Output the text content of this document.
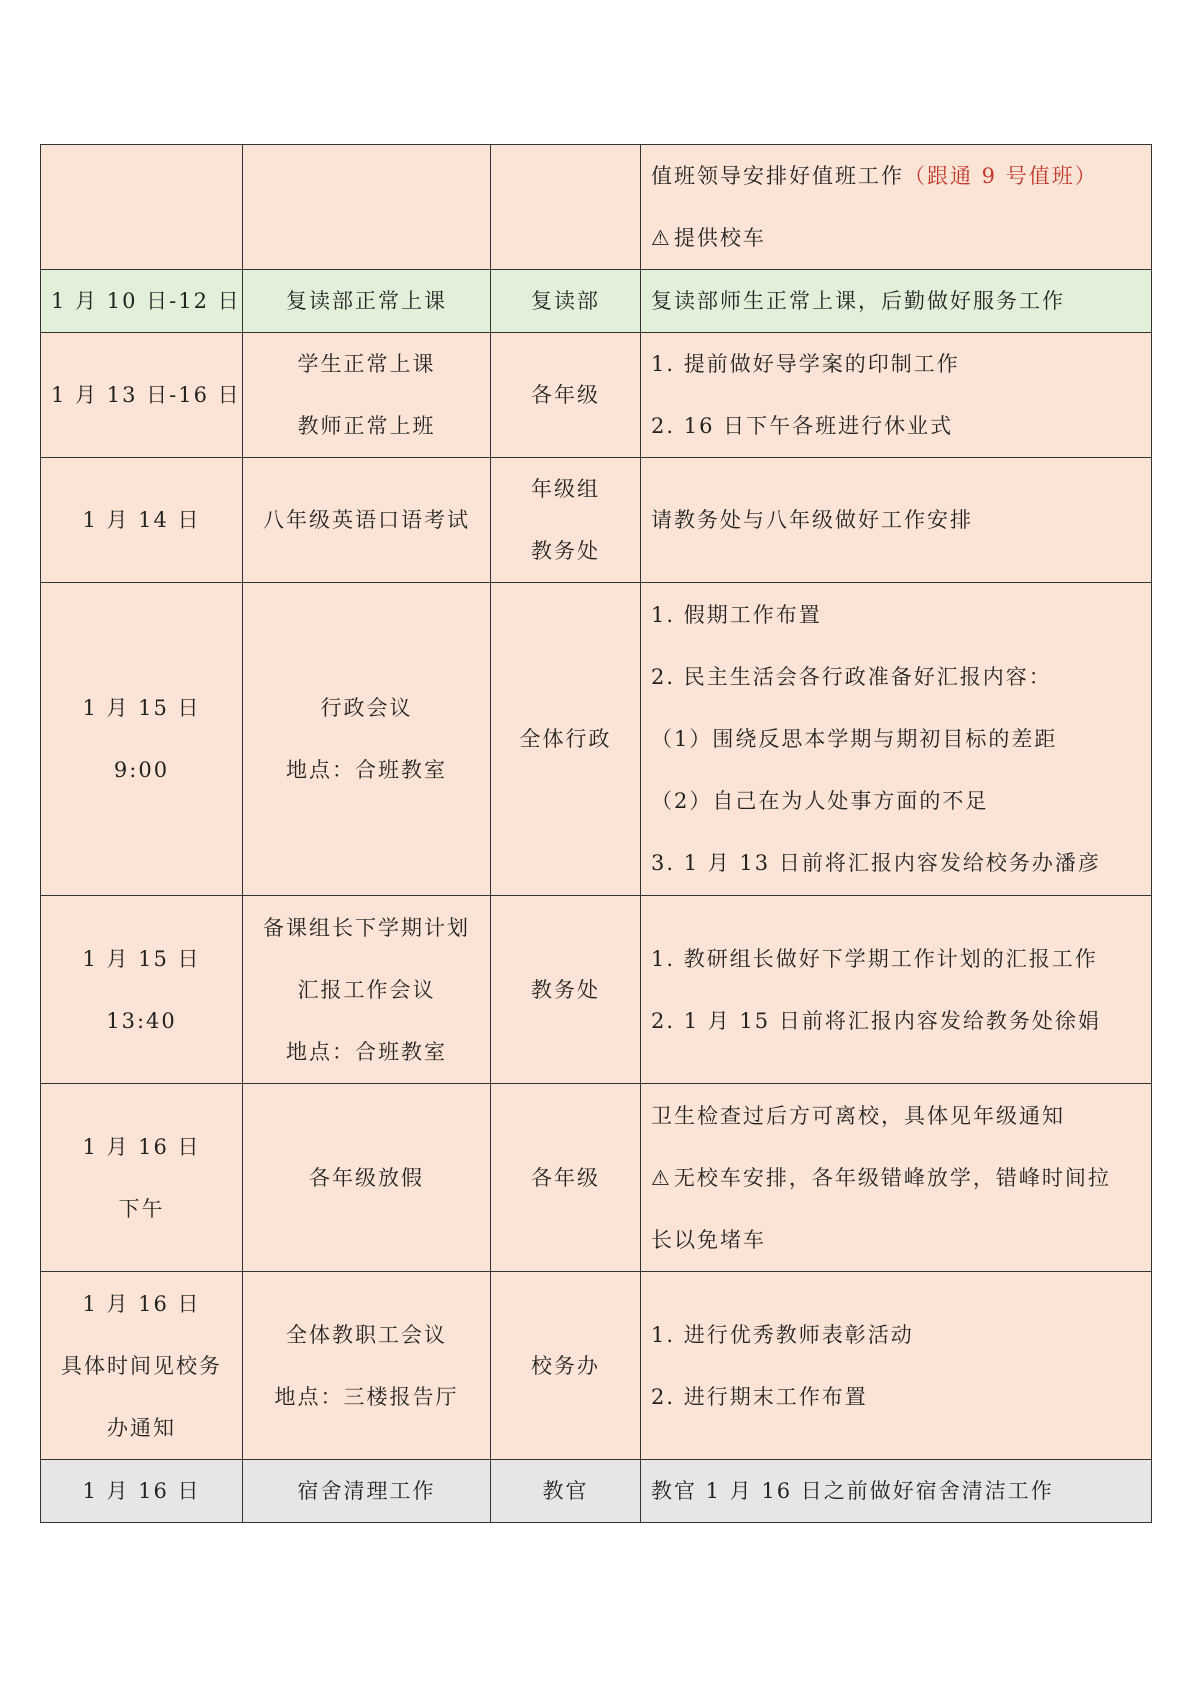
			值班领导安排好值班工作（跟通 9 号值班）
⚠提供校车

1 月 10 日-12 日	复读部正常上课	复读部	复读部师生正常上课，后勤做好服务工作

1 月 13 日-16 日	学生正常上课
教师正常上班	各年级	1. 提前做好导学案的印制工作
2. 16 日下午各班进行休业式

1 月 14 日	八年级英语口语考试	年级组
教务处	请教务处与八年级做好工作安排

1 月 15 日
9:00	行政会议
地点：合班教室	全体行政	1. 假期工作布置
2. 民主生活会各行政准备好汇报内容：
（1）围绕反思本学期与期初目标的差距
（2）自己在为人处事方面的不足
3. 1 月 13 日前将汇报内容发给校务办潘彦

1 月 15 日
13:40	备课组长下学期计划
汇报工作会议
地点：合班教室	教务处	1. 教研组长做好下学期工作计划的汇报工作
2. 1 月 15 日前将汇报内容发给教务处徐娟

1 月 16 日
下午	各年级放假	各年级	卫生检查过后方可离校，具体见年级通知
⚠无校车安排，各年级错峰放学，错峰时间拉
长以免堵车

1 月 16 日
具体时间见校务
办通知	全体教职工会议
地点：三楼报告厅	校务办	1. 进行优秀教师表彰活动
2. 进行期末工作布置

1 月 16 日	宿舍清理工作	教官	教官 1 月 16 日之前做好宿舍清洁工作
